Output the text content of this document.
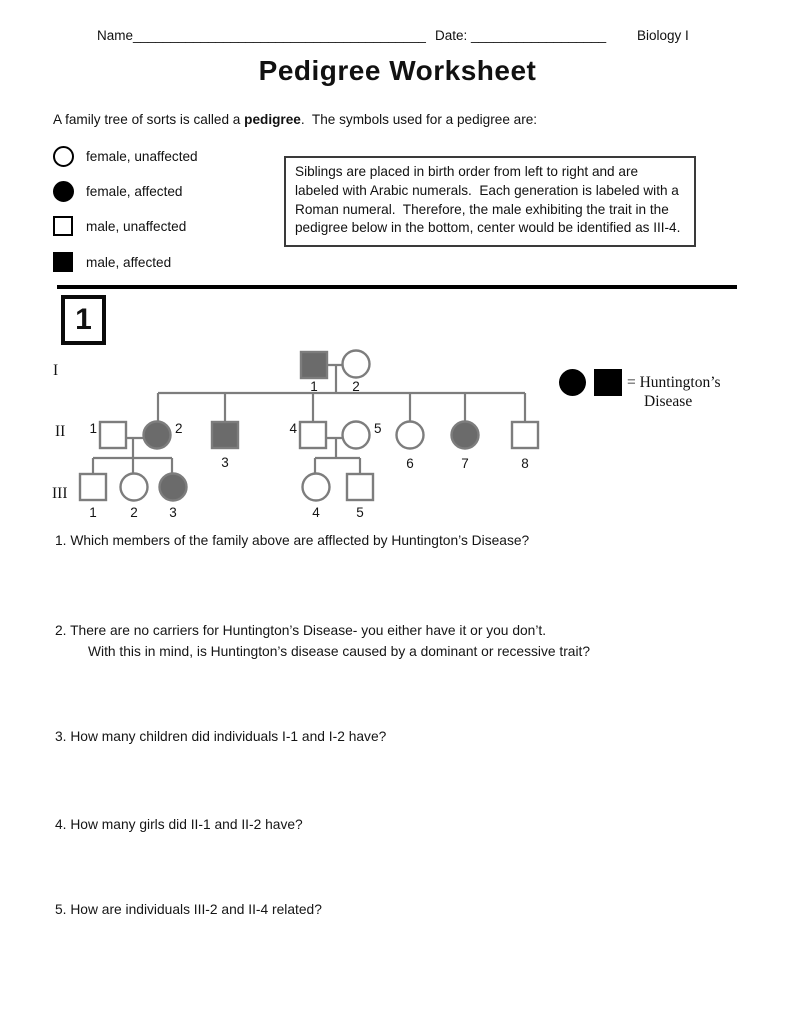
Name_______________________________________ Date: __________________ Biology I
Pedigree Worksheet
A family tree of sorts is called a pedigree.  The symbols used for a pedigree are:
female, unaffected
female, affected
male, unaffected
male, affected
Siblings are placed in birth order from left to right and are labeled with Arabic numerals.  Each generation is labeled with a Roman numeral.  Therefore, the male exhibiting the trait in the pedigree below in the bottom, center would be identified as III-4.
1
1	2
1	2
3
4	5
6	7	8
1 2 3	4	5
I
II
III
= Huntington’s
Disease
1. Which members of the family above are afflected by Huntington’s Disease?
2. There are no carriers for Huntington’s Disease- you either have it or you don’t.
With this in mind, is Huntington’s disease caused by a dominant or recessive trait?
3. How many children did individuals I-1 and I-2 have?
4. How many girls did II-1 and II-2 have?
5. How are individuals III-2 and II-4 related?
